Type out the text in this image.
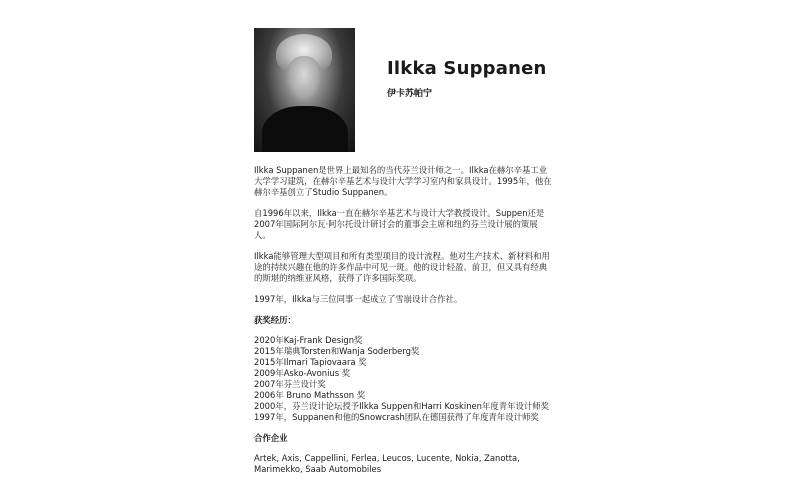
Ilkka Suppanen
伊卡苏帕宁

Ilkka Suppanen是世界上最知名的当代芬兰设计师之一。Ilkka在赫尔辛基工业大学学习建筑，在赫尔辛基艺术与设计大学学习室内和家具设计。1995年，他在赫尔辛基创立了Studio Suppanen。

自1996年以来，Ilkka一直在赫尔辛基艺术与设计大学教授设计。Suppen还是2007年国际阿尔瓦·阿尔托设计研讨会的董事会主席和纽约芬兰设计展的策展人。

Ilkka能够管理大型项目和所有类型项目的设计流程。他对生产技术、新材料和用途的持续兴趣在他的许多作品中可见一斑。他的设计轻盈、前卫，但又具有经典的斯堪的纳维亚风格，获得了许多国际奖项。

1997年，Ilkka与三位同事一起成立了雪崩设计合作社。

获奖经历：
2020年Kaj-Frank Design奖
2015年瑞典Torsten和Wanja Soderberg奖
2015年Ilmari Tapiovaara 奖
2009年Asko-Avonius 奖
2007年芬兰设计奖
2006年 Bruno Mathsson 奖
2000年，芬兰设计论坛授予Ilkka Suppen和Harri Koskinen年度青年设计师奖
1997年，Suppanen和他的Snowcrash团队在德国获得了年度青年设计师奖
合作企业

Artek, Axis, Cappellini, Ferlea, Leucos, Lucente, Nokia, Zanotta, Marimekko, Saab Automobiles
